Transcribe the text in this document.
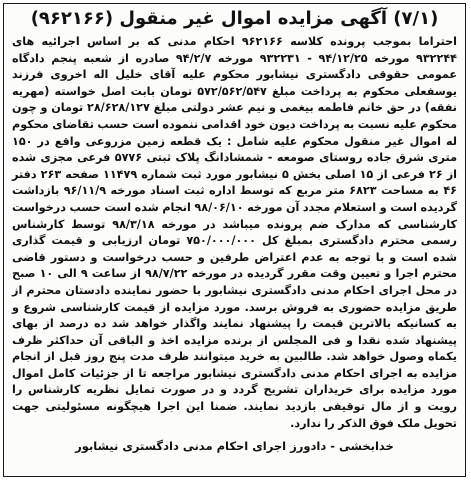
(۷/۱) آگهی مزایده اموال غیر منقول (۹۶۲۱۶۶)
احتراما بموجب پرونده کلاسه ۹۶۲۱۶۶ احکام مدنی که بر اساس اجرائیه های ۹۳۲۲۴۴ مورخه ۹۴/۱۲/۲۵ - ۹۳۲۲۳۱ مورخه ۹۴/۲/۷ صادره از شعبه پنجم دادگاه عمومی حقوقی دادگستری نیشابور محکوم علیه آقای خلیل اله اخروی فرزند یوسفعلی محکوم به پرداخت مبلغ ۵۷۲/۵۶۲/۵۴۷ تومان بابت اصل خواسته (مهریه نفقه) در حق خانم فاطمه بیغمی و نیم عشر دولتی مبلغ ۲۸/۶۲۸/۱۲۷ تومان و چون محکوم علیه نسبت به پرداخت دیون خود اقدامی ننموده است حسب تقاضای محکوم له اموال غیر منقول محکوم علیه شامل : یک قطعه زمین مزروعی واقع در ۱۵۰ متری شرق جاده روستای صومعه - شمشادانگ پلاک ثبتی ۵۷۷۶ فرعی مجزی شده از ۲۶ فرعی از ۱۵ اصلی بخش ۵ نیشابور مورد ثبت شماره ۱۱۴۷۹ صفحه ۲۶۳ دفتر ۴۶ به مساحت ۶۸۲۳ متر مربع که توسط اداره ثبت اسناد مورخه ۹۶/۱۱/۹ بازداشت گردیده است و استعلام مجدد آن مورخه ۹۸/۰۶/۱۰ انجام شده است حسب درخواست کارشناسی که مدارک ضم پرونده میباشد در مورخه ۹۸/۳/۱۸ توسط کارشناس رسمی محترم دادگستری بمبلغ کل ۷۵۰/۰۰۰/۰۰۰ تومان ارزیابی و قیمت گذاری شده است و با توجه به عدم اعتراض طرفین و حسب درخواست و دستور قاضی محترم اجرا و تعیین وقت مقرر گردیده در مورخه ۹۸/۷/۲۲ از ساعت ۹ الی ۱۰ صبح در محل اجرای احکام مدنی دادگستری نیشابور با حضور نماینده دادستان محترم از طریق مزایده حضوری به فروش برسد. مورد مزایده از قیمت کارشناسی شروع و به کسانیکه بالاترین قیمت را پیشنهاد نمایند واگذار خواهد شد ده درصد از بهای پیشنهاد شده نقدا و فی المجلس از برنده مزایده اخذ و الباقی آن حداکثر ظرف یکماه وصول خواهد شد. طالبین به خرید میتوانند ظرف مدت پنج روز قبل از انجام مزایده به اجرای احکام مدنی دادگستری نیشابور مراجعه تا از جزئیات کامل اموال مورد مزایده برای خریداران تشریح گردد و در صورت تمایل نظریه کارشناس را رویت و از مال توقیفی بازدید نمایند. ضمنا این اجرا هیچگونه مسئولیتی جهت تحویل ملک فوق الذکر را ندارد.
خدابخشی - دادورز اجرای احکام مدنی دادگستری نیشابور
